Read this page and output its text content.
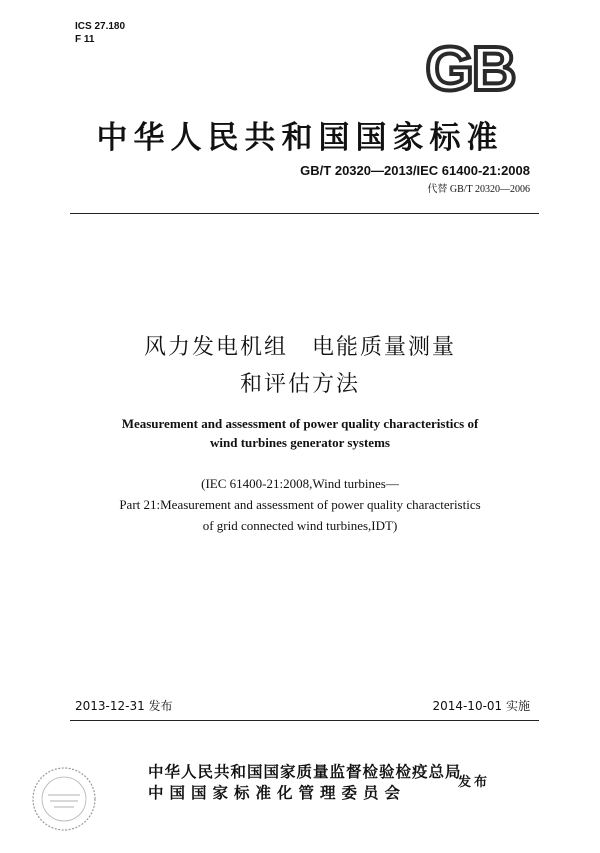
ICS 27.180
F 11	GB
中华人民共和国国家标准
GB/T 20320—2013/IEC 61400-21:2008
代替 GB/T 20320—2006
风力发电机组　电能质量测量
和评估方法
Measurement and assessment of power quality characteristics of
wind turbines generator systems
(IEC 61400-21:2008,Wind turbines—
Part 21:Measurement and assessment of power quality characteristics
of grid connected wind turbines,IDT)
2013-12-31 发布	2014-10-01 实施
中华人民共和国国家质量监督检验检疫总局
中国国家标准化管理委员会
发布
